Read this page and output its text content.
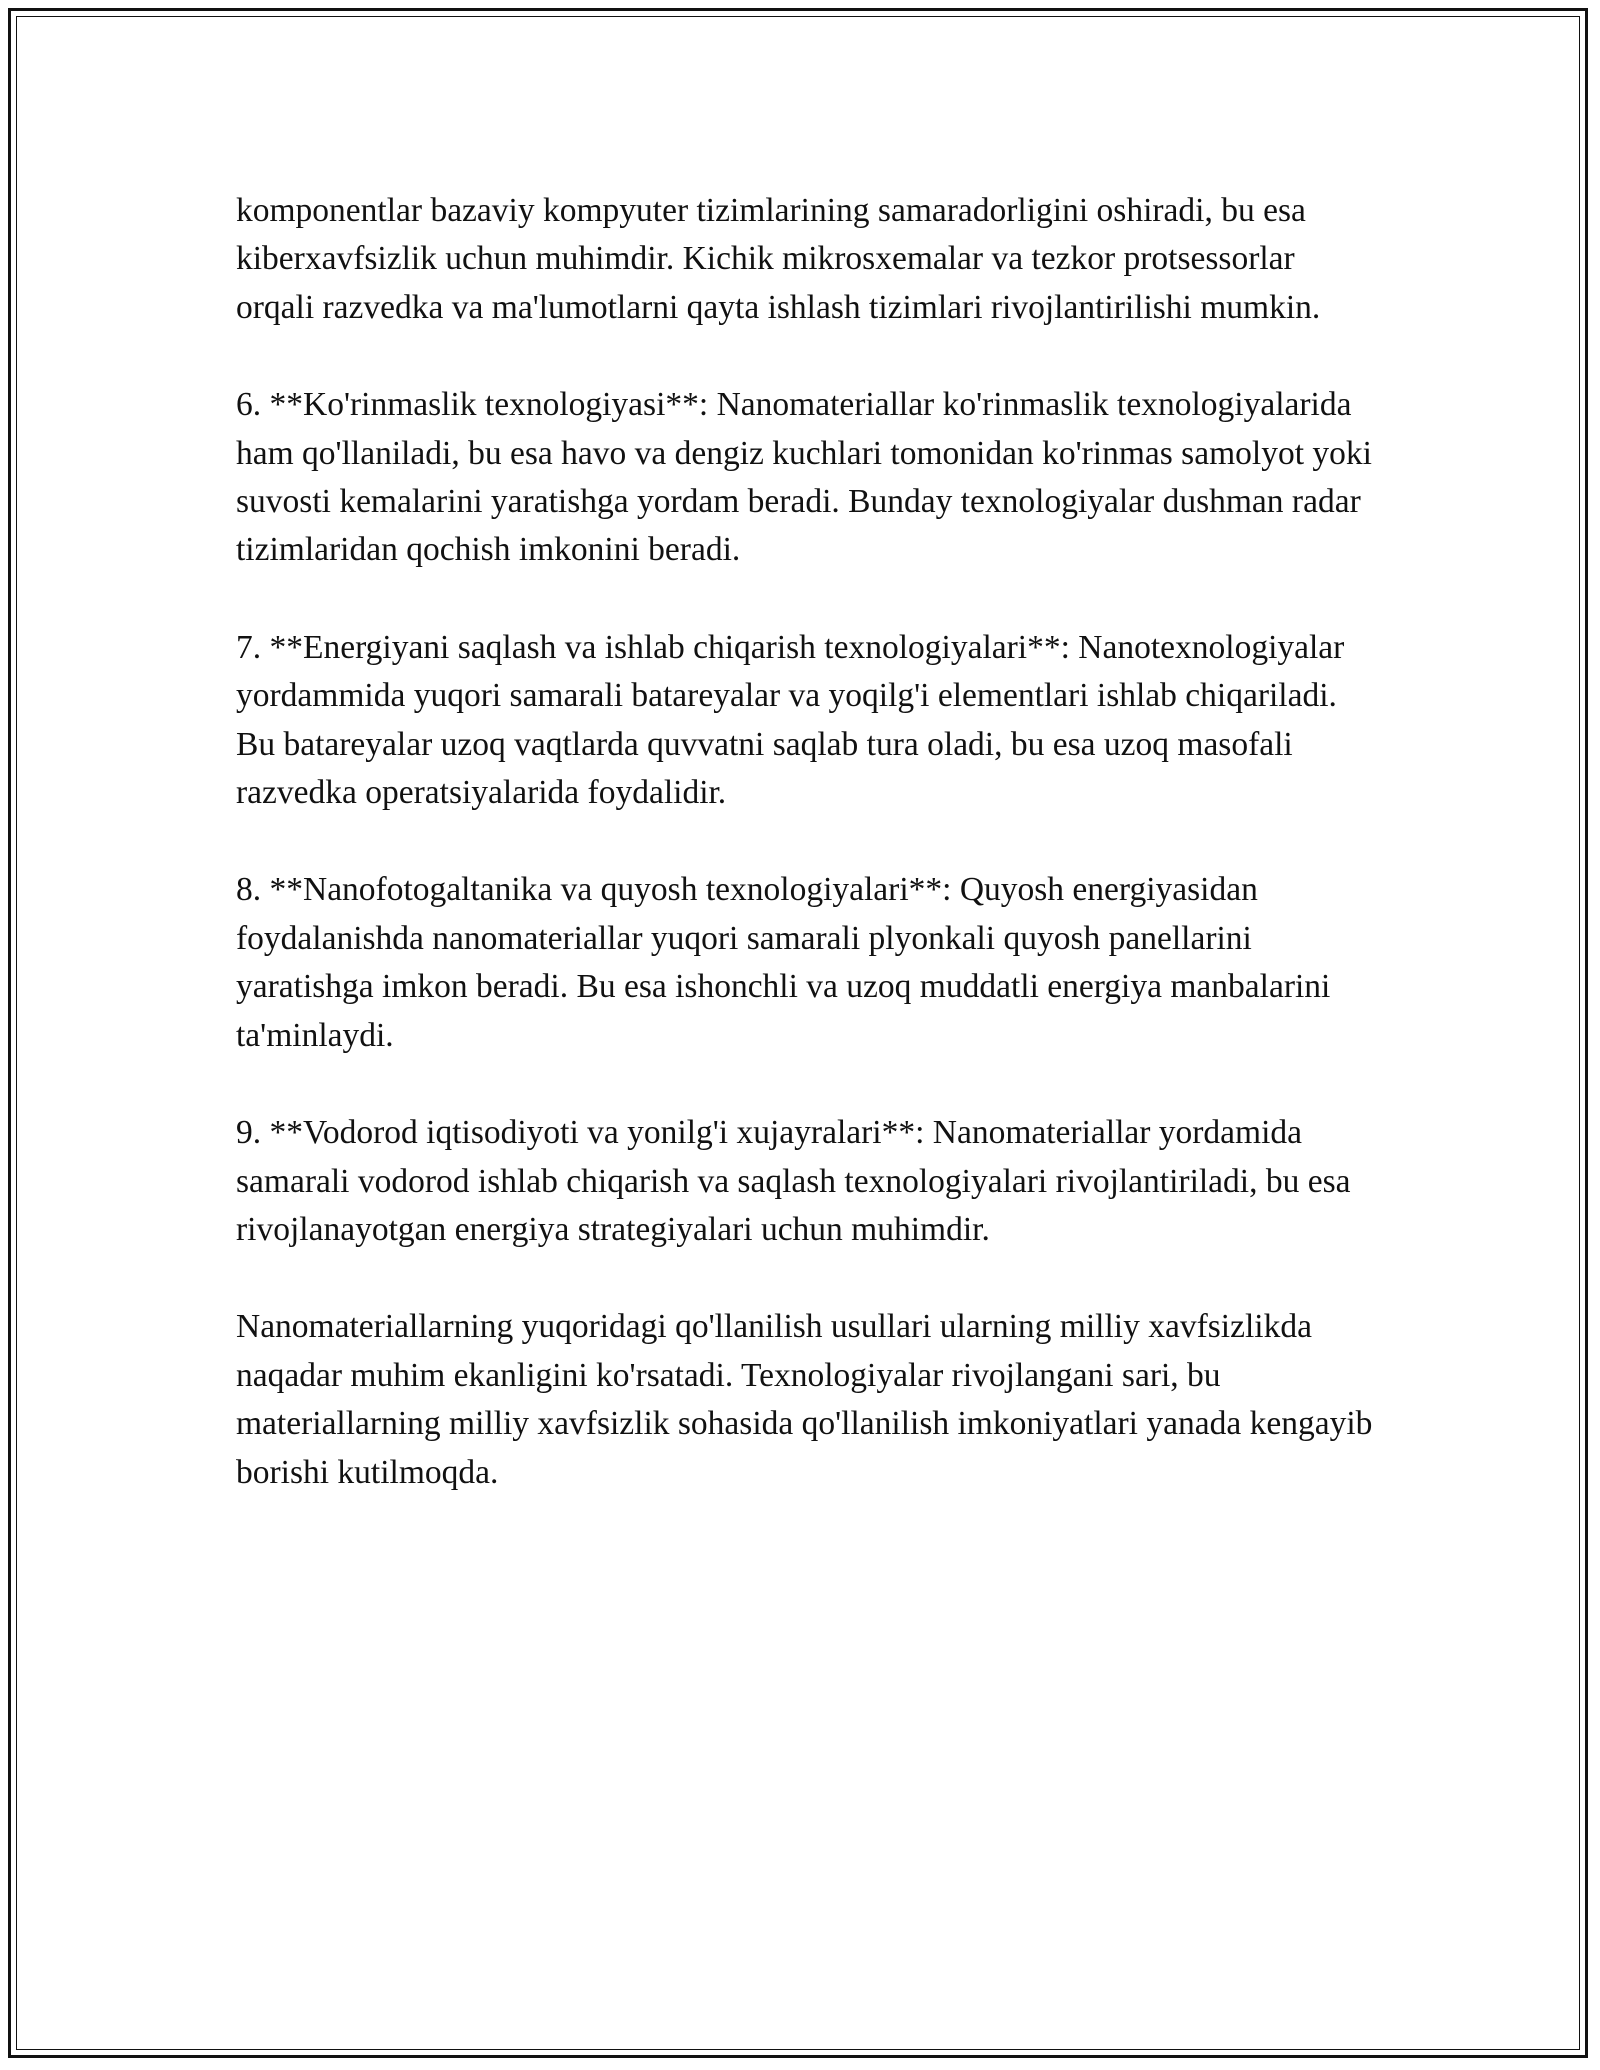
komponentlar bazaviy kompyuter tizimlarining samaradorligini oshiradi, bu esa kiberxavfsizlik uchun muhimdir. Kichik mikrosxemalar va tezkor protsessorlar orqali razvedka va ma'lumotlarni qayta ishlash tizimlari rivojlantirilishi mumkin.

6. **Ko'rinmaslik texnologiyasi**: Nanomateriallar ko'rinmaslik texnologiyalarida ham qo'llaniladi, bu esa havo va dengiz kuchlari tomonidan ko'rinmas samolyot yoki suvosti kemalarini yaratishga yordam beradi. Bunday texnologiyalar dushman radar tizimlaridan qochish imkonini beradi.

7. **Energiyani saqlash va ishlab chiqarish texnologiyalari**: Nanotexnologiyalar yordammida yuqori samarali batareyalar va yoqilg'i elementlari ishlab chiqariladi. Bu batareyalar uzoq vaqtlarda quvvatni saqlab tura oladi, bu esa uzoq masofali razvedka operatsiyalarida foydalidir.

8. **Nanofotogaltanika va quyosh texnologiyalari**: Quyosh energiyasidan foydalanishda nanomateriallar yuqori samarali plyonkali quyosh panellarini yaratishga imkon beradi. Bu esa ishonchli va uzoq muddatli energiya manbalarini ta'minlaydi.

9. **Vodorod iqtisodiyoti va yonilg'i xujayralari**: Nanomateriallar yordamida samarali vodorod ishlab chiqarish va saqlash texnologiyalari rivojlantiriladi, bu esa rivojlanayotgan energiya strategiyalari uchun muhimdir.

Nanomateriallarning yuqoridagi qo'llanilish usullari ularning milliy xavfsizlikda naqadar muhim ekanligini ko'rsatadi. Texnologiyalar rivojlangani sari, bu materiallarning milliy xavfsizlik sohasida qo'llanilish imkoniyatlari yanada kengayib borishi kutilmoqda.
